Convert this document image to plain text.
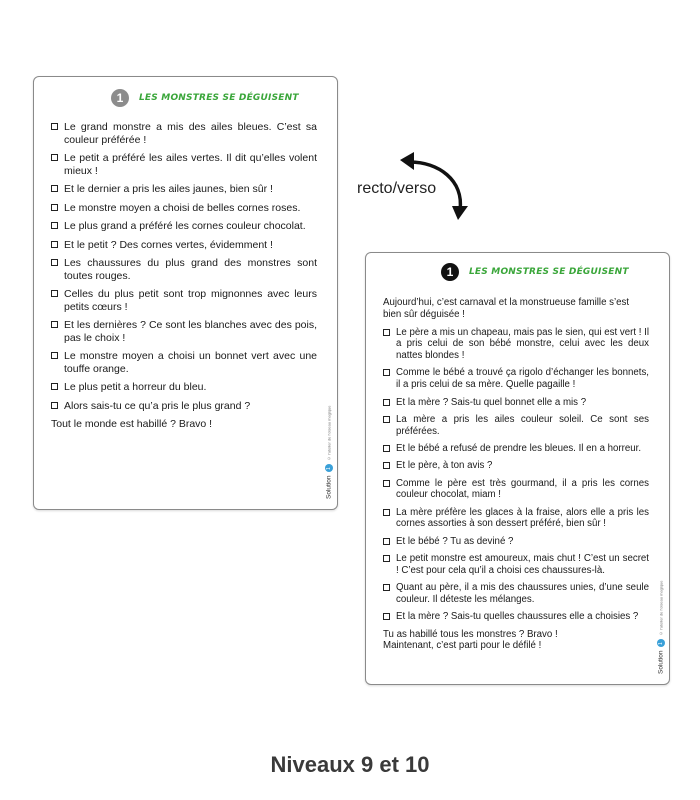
1	LES MONSTRES SE DÉGUISENT
Le grand monstre a mis des ailes bleues. C’est sa couleur préférée !
Le petit a préféré les ailes vertes. Il dit qu’elles volent mieux !
Et le dernier a pris les ailes jaunes, bien sûr !
Le monstre moyen a choisi de belles cornes roses.
Le plus grand a préféré les cornes couleur chocolat.
Et le petit ? Des cornes vertes, évidemment !
Les chaussures du plus grand des monstres sont toutes rouges.
Celles du plus petit sont trop mignonnes avec leurs petits cœurs !
Et les dernières ? Ce sont les blanches avec des pois, pas le choix !
Le monstre moyen a choisi un bonnet vert avec une touffe orange.
Le plus petit a horreur du bleu.
Alors sais-tu ce qu’a pris le plus grand ?
Tout le monde est habillé ? Bravo !
Solution
1
© l’atelier de l’oiseau magique
recto/verso
1	LES MONSTRES SE DÉGUISENT
Aujourd’hui, c’est carnaval et la monstrueuse famille s’est bien sûr déguisée !
Le père a mis un chapeau, mais pas le sien, qui est vert ! Il a pris celui de son bébé monstre, celui avec les deux nattes blondes !
Comme le bébé a trouvé ça rigolo d’échanger les bonnets, il a pris celui de sa mère. Quelle pagaille !
Et la mère ? Sais-tu quel bonnet elle a mis ?
La mère a pris les ailes couleur soleil. Ce sont ses préférées.
Et le bébé a refusé de prendre les bleues. Il en a horreur.
Et le père, à ton avis ?
Comme le père est très gourmand, il a pris les cornes couleur chocolat, miam !
La mère préfère les glaces à la fraise, alors elle a pris les cornes assorties à son dessert préféré, bien sûr !
Et le bébé ? Tu as deviné ?
Le petit monstre est amoureux, mais chut ! C’est un secret ! C’est pour cela qu’il a choisi ces chaussures-là.
Quant au père, il a mis des chaussures unies, d’une seule couleur. Il déteste les mélanges.
Et la mère ? Sais-tu quelles chaussures elle a choisies ?
Tu as habillé tous les monstres ? Bravo !
Maintenant, c’est parti pour le défilé !
Solution
1
© l’atelier de l’oiseau magique
Niveaux 9 et 10
